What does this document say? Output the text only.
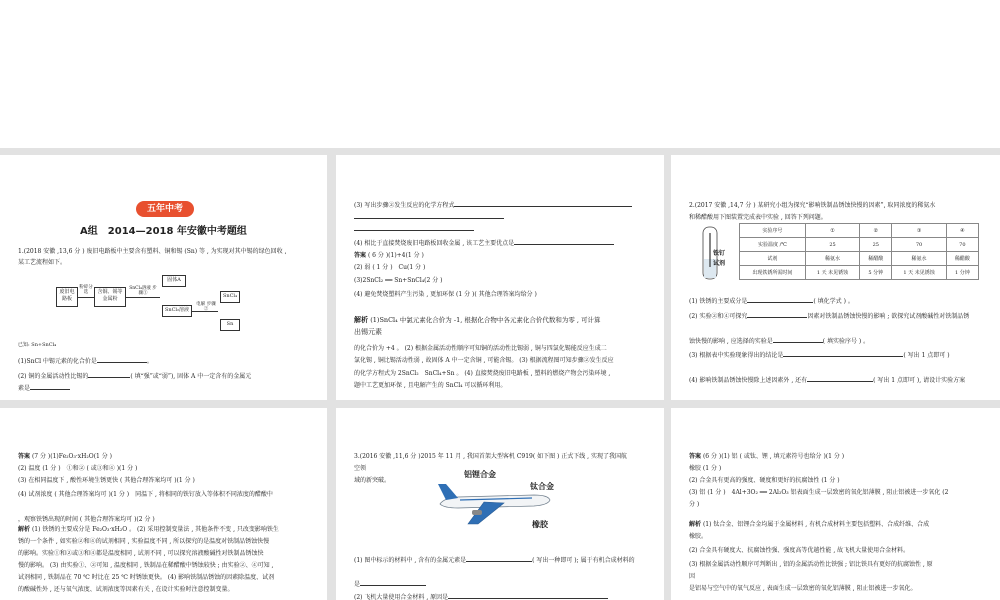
五年中考
A组　2014—2018 年安徽中考题组
1.(2018 安徽 ,13,6 分 ) 废旧电路板中主要含有塑料、铜和锡 (Sn) 等 , 为实现对其中锡的绿色回收 ,
某工艺流程如下。
废旧电路板
粉碎分选	含铜、锡等金属粉
SnCl₄溶液 步骤①
固体A
SnCl₂溶液
电解 步骤②
SnCl₄
Sn
已知: Sn+SnCl₄
(1)SnCl 中锡元素的化合价是	。
(2) 铜的金属活动性比锡的	( 填“强”或“弱”), 固体 A 中一定含有的金属元
素是
(3) 写出步骤②发生反应的化学方程式
(4) 相比于直接焚烧废旧电路板回收金属 , 该工艺主要优点是
答案 ( 6 分 )(1)+4(1 分 )
(2) 弱 ( 1 分 )　Cu(1 分 )
(3)2SnCl₂ ══ Sn+SnCl₄(2 分 )
(4) 避免焚烧塑料产生污染 , 更加环保 (1 分 )( 其他合理答案均给分 )
解析 (1)SnCl₄ 中氯元素化合价为 -1, 根据化合物中各元素化合价代数和为零 , 可计算
出锡元素
的化合价为 +4 。 (2) 根据金属活动性顺序可知铜的活动性比锡弱 , 铜与四氯化锡能反应生成二
氯化锡 , 铜比锡活动性弱 , 故固体 A 中一定含铜 , 可能含锡。 (3) 根据流程图可知步骤②发生反应
的化学方程式为 2SnCl₂　SnCl₄+Sn 。 (4) 直接焚烧废旧电路板 , 塑料的燃烧产物会污染环境 ,
题中工艺更加环保 , 且电解产生的 SnCl₄ 可以循环利用。
2.(2017 安徽 ,14,7 分 ) 某研究小组为探究“影响铁制品锈蚀快慢的因素”, 取同浓度的稀氨水
和稀醋酸用下图装置完成表中实验 , 回答下列问题。
铁钉
试剂
实验序号	①	②	③	④
实验温度 /℃	25	25	70	70
试剂	稀氨水	稀醋酸	稀氨水	稀醋酸
出现铁锈所需时间	1 天 未见锈蚀	5 分钟	1 天 未见锈蚀	1 分钟
(1) 铁锈的主要成分是	( 填化学式 ) 。
(2) 实验②和④可探究	因素对铁制品锈蚀快慢的影响 ; 欲探究试剂酸碱性对铁制品锈
蚀快慢的影响 , 应选择的实验是	( 填实验序号 ) 。
(3) 根据表中实验现象得出的结论是	( 写出 1 点即可 )
(4) 影响铁制品锈蚀快慢除上述因素外 , 还有	( 写出 1 点即可 ), 请设计实验方案
答案 (7 分 )(1)Fe₂O₃·xH₂O(1 分 )
(2) 温度 (1 分 )　①和② ( 或③和④ )(1 分 )
(3) 在相同温度下 , 酸性环境生锈更快 ( 其他合理答案均可 )(1 分 )
(4) 试剂浓度 ( 其他合理答案均可 )(1 分 )　同温下 , 将相同的铁钉放入等体积不同浓度的醋酸中
，观察铁锈出现的时间 ( 其他合理答案均可 )(2 分 )
解析 (1) 铁锈的主要成分是 Fe₂O₃·xH₂O 。 (2) 采用控制变量法 , 其他条件不变 , 只改变影响铁生
锈的一个条件 , 如实验②和④的试剂相同 , 实验温度不同 , 所以探究的是温度对铁制品锈蚀快慢
的影响。实验①和②或③和④都是温度相同 , 试剂不同 , 可以探究溶液酸碱性对铁制品锈蚀快
慢的影响。 (3) 由实验①、②可知 , 温度相同 , 铁制品在稀醋酸中锈蚀较快 ; 由实验②、④可知 ,
试剂相同 , 铁制品在 70 ℃ 时比在 25 ℃ 时锈蚀更快。 (4) 影响铁制品锈蚀的因素除温度、试剂
的酸碱性外 , 还与氧气浓度、试剂浓度等因素有关 , 在设计实验时注意控制变量。
3.(2016 安徽 ,11,6 分 )2015 年 11 月 , 我国首架大型客机 C919( 如下图 ) 正式下线 , 实现了我国航
空领
域的新突破。
铝锂合金
钛合金
橡胶
(1) 图中标示的材料中 , 含有的金属元素是	( 写出一种即可 ); 属于有机合成材料的
是
(2) 飞机大量使用合金材料 , 原因是
答案 (6 分 )(1) 铝 ( 或钛、锂 , 填元素符号也给分 )(1 分 )
橡胶 (1 分 )
(2) 合金具有更高的强度、硬度和更好的抗腐蚀性 (1 分 )
(3) 铝 (1 分 )　4Al+3O₂ ══ 2Al₂O₃ 铝表面生成一层致密的氧化铝薄膜 , 阻止铝被进一步氧化 (2
分 )
解析 (1) 钛合金、铝锂合金均属于金属材料 , 有机合成材料主要包括塑料、合成纤维、合成
橡胶。
(2) 合金具有硬度大、抗腐蚀性强、强度高等优越性能 , 故飞机大量使用合金材料。
(3) 根据金属活动性顺序可判断出 , 铝的金属活动性比铁强 ; 铝比铁具有更好的抗腐蚀性 , 原
因
是铝易与空气中的氧气反应 , 表面生成一层致密的氧化铝薄膜 , 阻止铝被进一步氧化。
